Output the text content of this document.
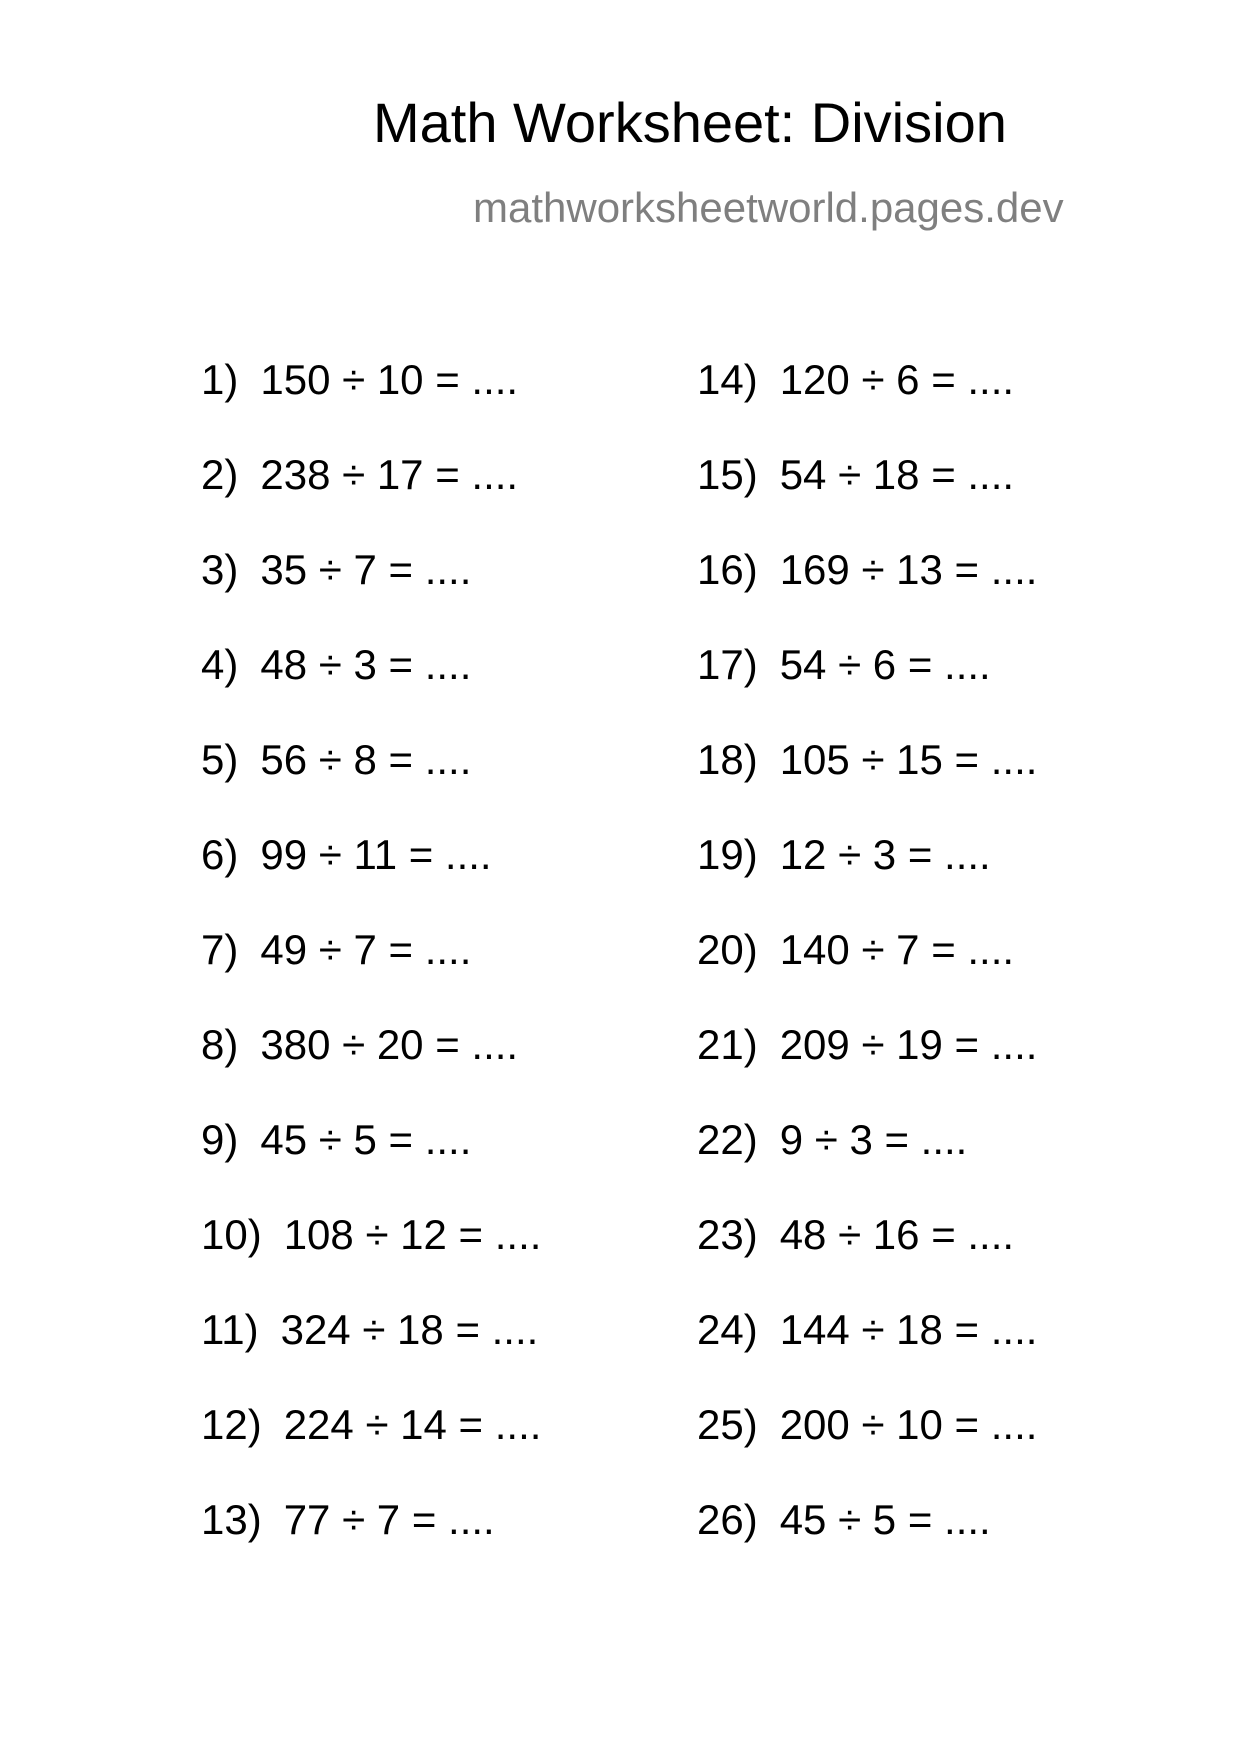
Math Worksheet: Division
mathworksheetworld.pages.dev
1) 150 ÷ 10 = ....
2) 238 ÷ 17 = ....
3) 35 ÷ 7 = ....
4) 48 ÷ 3 = ....
5) 56 ÷ 8 = ....
6) 99 ÷ 11 = ....
7) 49 ÷ 7 = ....
8) 380 ÷ 20 = ....
9) 45 ÷ 5 = ....
10) 108 ÷ 12 = ....
11) 324 ÷ 18 = ....
12) 224 ÷ 14 = ....
13) 77 ÷ 7 = ....
14) 120 ÷ 6 = ....
15) 54 ÷ 18 = ....
16) 169 ÷ 13 = ....
17) 54 ÷ 6 = ....
18) 105 ÷ 15 = ....
19) 12 ÷ 3 = ....
20) 140 ÷ 7 = ....
21) 209 ÷ 19 = ....
22) 9 ÷ 3 = ....
23) 48 ÷ 16 = ....
24) 144 ÷ 18 = ....
25) 200 ÷ 10 = ....
26) 45 ÷ 5 = ....
